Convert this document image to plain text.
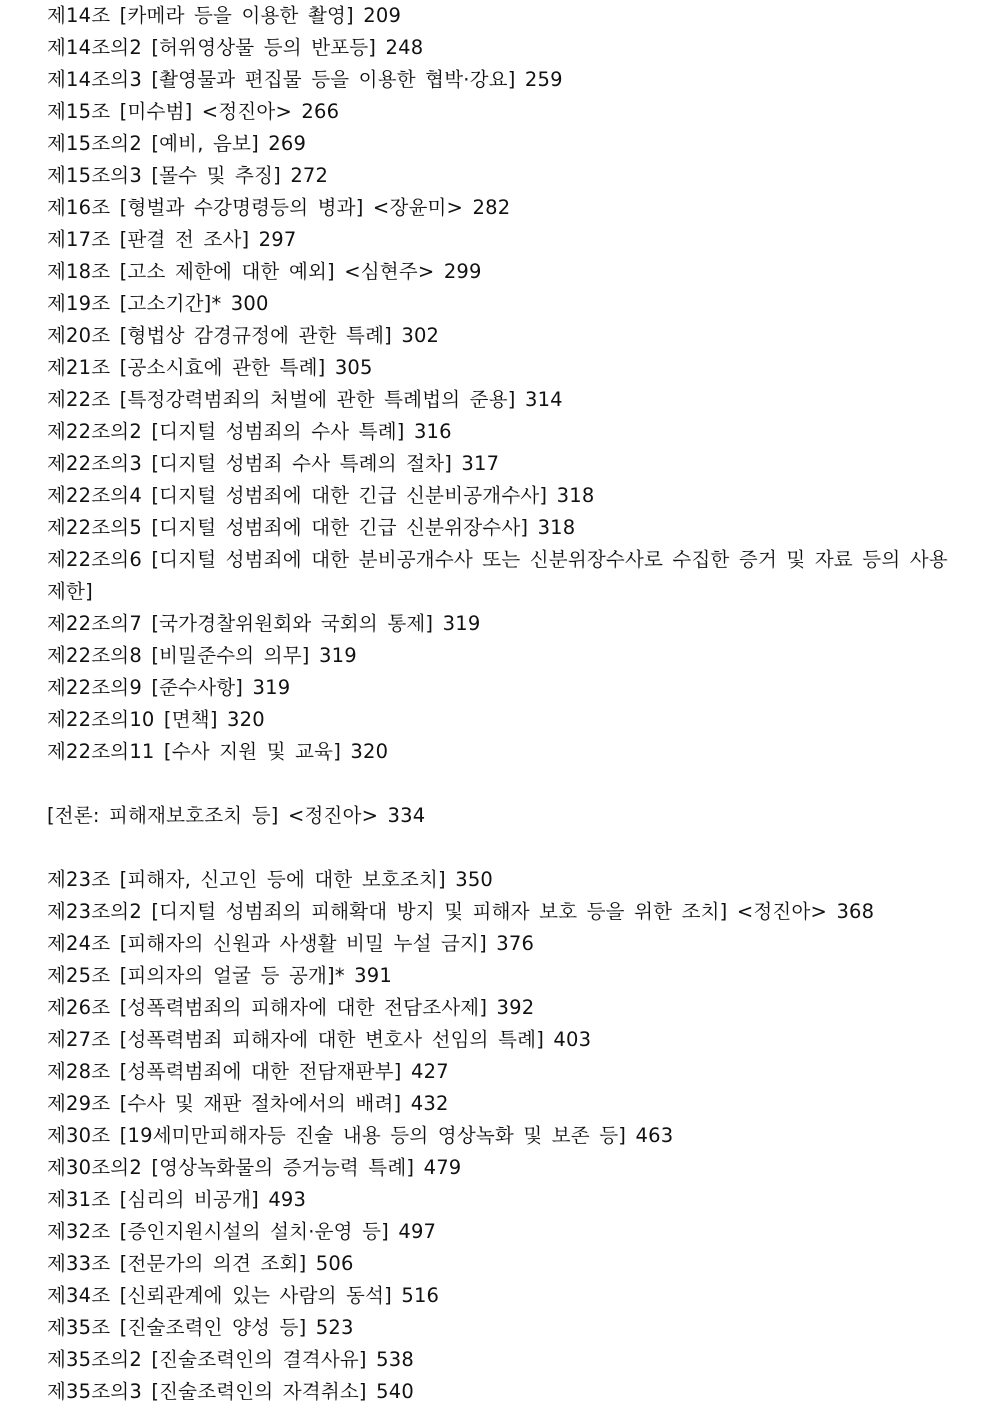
제14조 [카메라 등을 이용한 촬영] 209
제14조의2 [허위영상물 등의 반포등] 248
제14조의3 [촬영물과 편집물 등을 이용한 협박·강요] 259
제15조 [미수범] <정진아> 266
제15조의2 [예비, 음보] 269
제15조의3 [몰수 및 추징] 272
제16조 [형벌과 수강명령등의 병과] <장윤미> 282
제17조 [판결 전 조사] 297
제18조 [고소 제한에 대한 예외] <심현주> 299
제19조 [고소기간]* 300
제20조 [형법상 감경규정에 관한 특례] 302
제21조 [공소시효에 관한 특례] 305
제22조 [특정강력범죄의 처벌에 관한 특례법의 준용] 314
제22조의2 [디지털 성범죄의 수사 특례] 316
제22조의3 [디지털 성범죄 수사 특례의 절차] 317
제22조의4 [디지털 성범죄에 대한 긴급 신분비공개수사] 318
제22조의5 [디지털 성범죄에 대한 긴급 신분위장수사] 318
제22조의6 [디지털 성범죄에 대한 분비공개수사 또는 신분위장수사로 수집한 증거 및 자료 등의 사용제한]
제22조의7 [국가경찰위원회와 국회의 통제] 319
제22조의8 [비밀준수의 의무] 319
제22조의9 [준수사항] 319
제22조의10 [면책] 320
제22조의11 [수사 지원 및 교육] 320
[전론: 피해재보호조치 등] <정진아> 334
제23조 [피해자, 신고인 등에 대한 보호조치] 350
제23조의2 [디지털 성범죄의 피해확대 방지 및 피해자 보호 등을 위한 조치] <정진아> 368
제24조 [피해자의 신원과 사생활 비밀 누설 금지] 376
제25조 [피의자의 얼굴 등 공개]* 391
제26조 [성폭력범죄의 피해자에 대한 전담조사제] 392
제27조 [성폭력범죄 피해자에 대한 변호사 선임의 특례] 403
제28조 [성폭력범죄에 대한 전담재판부] 427
제29조 [수사 및 재판 절차에서의 배려] 432
제30조 [19세미만피해자등 진술 내용 등의 영상녹화 및 보존 등] 463
제30조의2 [영상녹화물의 증거능력 특례] 479
제31조 [심리의 비공개] 493
제32조 [증인지원시설의 설치·운영 등] 497
제33조 [전문가의 의견 조회] 506
제34조 [신뢰관계에 있는 사람의 동석] 516
제35조 [진술조력인 양성 등] 523
제35조의2 [진술조력인의 결격사유] 538
제35조의3 [진술조력인의 자격취소] 540
